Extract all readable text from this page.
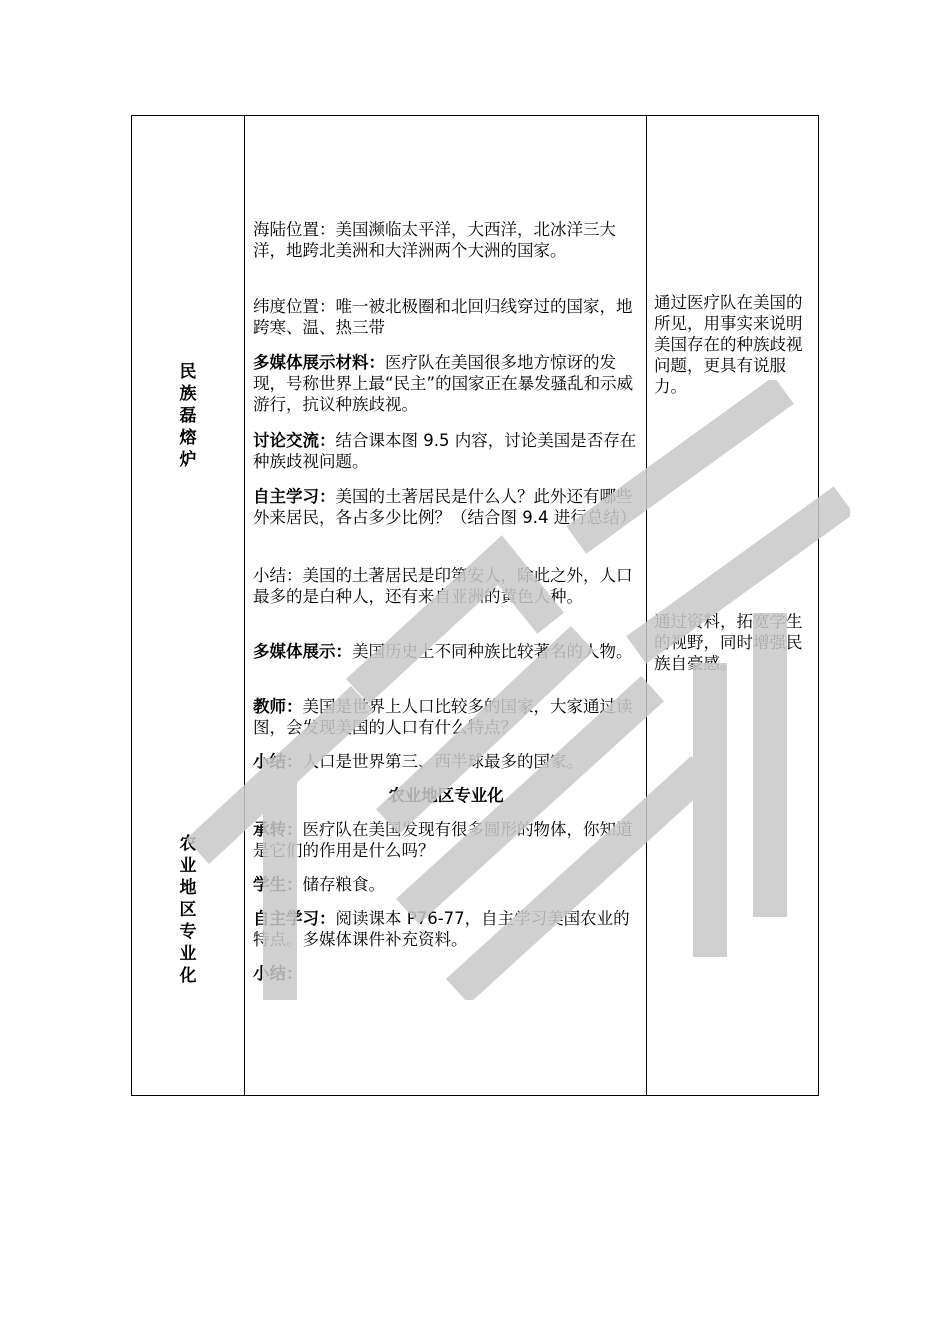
民族磊熔炉
农业地区专业化

海陆位置：美国濒临太平洋，大西洋，北冰洋三大洋，地跨北美洲和大洋洲两个大洲的国家。

纬度位置：唯一被北极圈和北回归线穿过的国家，地跨寒、温、热三带

多媒体展示材料：医疗队在美国很多地方惊讶的发现，号称世界上最“民主”的国家正在暴发骚乱和示威游行，抗议种族歧视。

讨论交流：结合课本图 9.5 内容，讨论美国是否存在种族歧视问题。

自主学习：美国的土著居民是什么人？此外还有哪些外来居民，各占多少比例？（结合图 9.4 进行总结）

小结：美国的土著居民是印第安人，除此之外，人口最多的是白种人，还有来自亚洲的黄色人种。

多媒体展示：美国历史上不同种族比较著名的人物。

教师：美国是世界上人口比较多的国家，大家通过读图，会发现美国的人口有什么特点？

小结：人口是世界第三、西半球最多的国家。

农业地区专业化

承转：医疗队在美国发现有很多圆形的物体，你知道是它们的作用是什么吗？

学生：储存粮食。

自主学习：阅读课本 P76-77，自主学习美国农业的特点。多媒体课件补充资料。

小结：

通过医疗队在美国的所见，用事实来说明美国存在的种族歧视问题，更具有说服力。
通过资料，拓宽学生的视野，同时增强民族自豪感。
